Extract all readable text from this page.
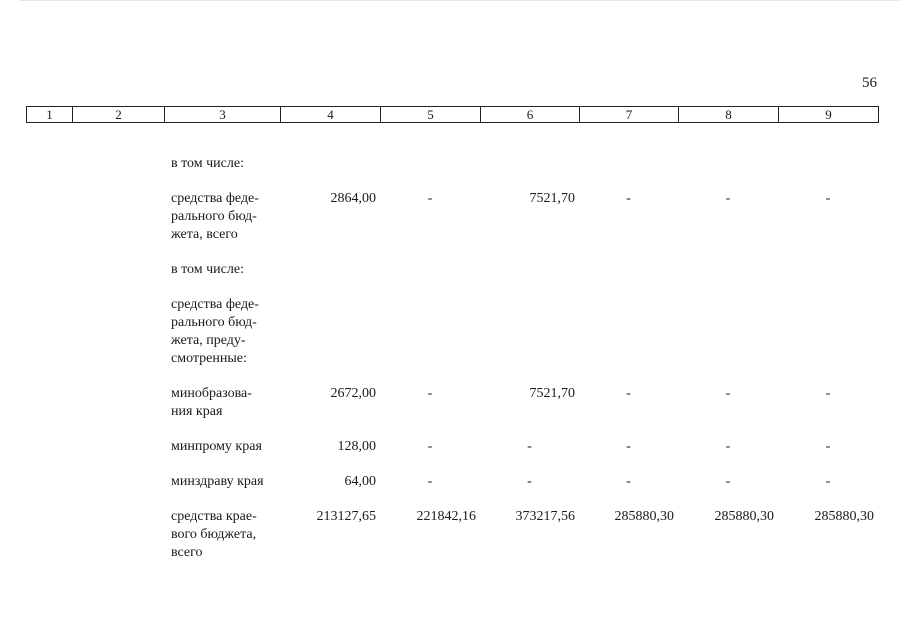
56
1	2	3	4	5	6	7	8	9
		в том числе:						
		средства феде-
рального бюд-
жета, всего	2864,00	-	7521,70	-	-	-
		в том числе:						
		средства феде-
рального бюд-
жета, преду-
смотренные:						
		минобразова-
ния края	2672,00	-	7521,70	-	-	-
		минпрому края	128,00	-	-	-	-	-
		минздраву края	64,00	-	-	-	-	-
		средства крае-
вого бюджета,
всего	213127,65	221842,16	373217,56	285880,30	285880,30	285880,30
